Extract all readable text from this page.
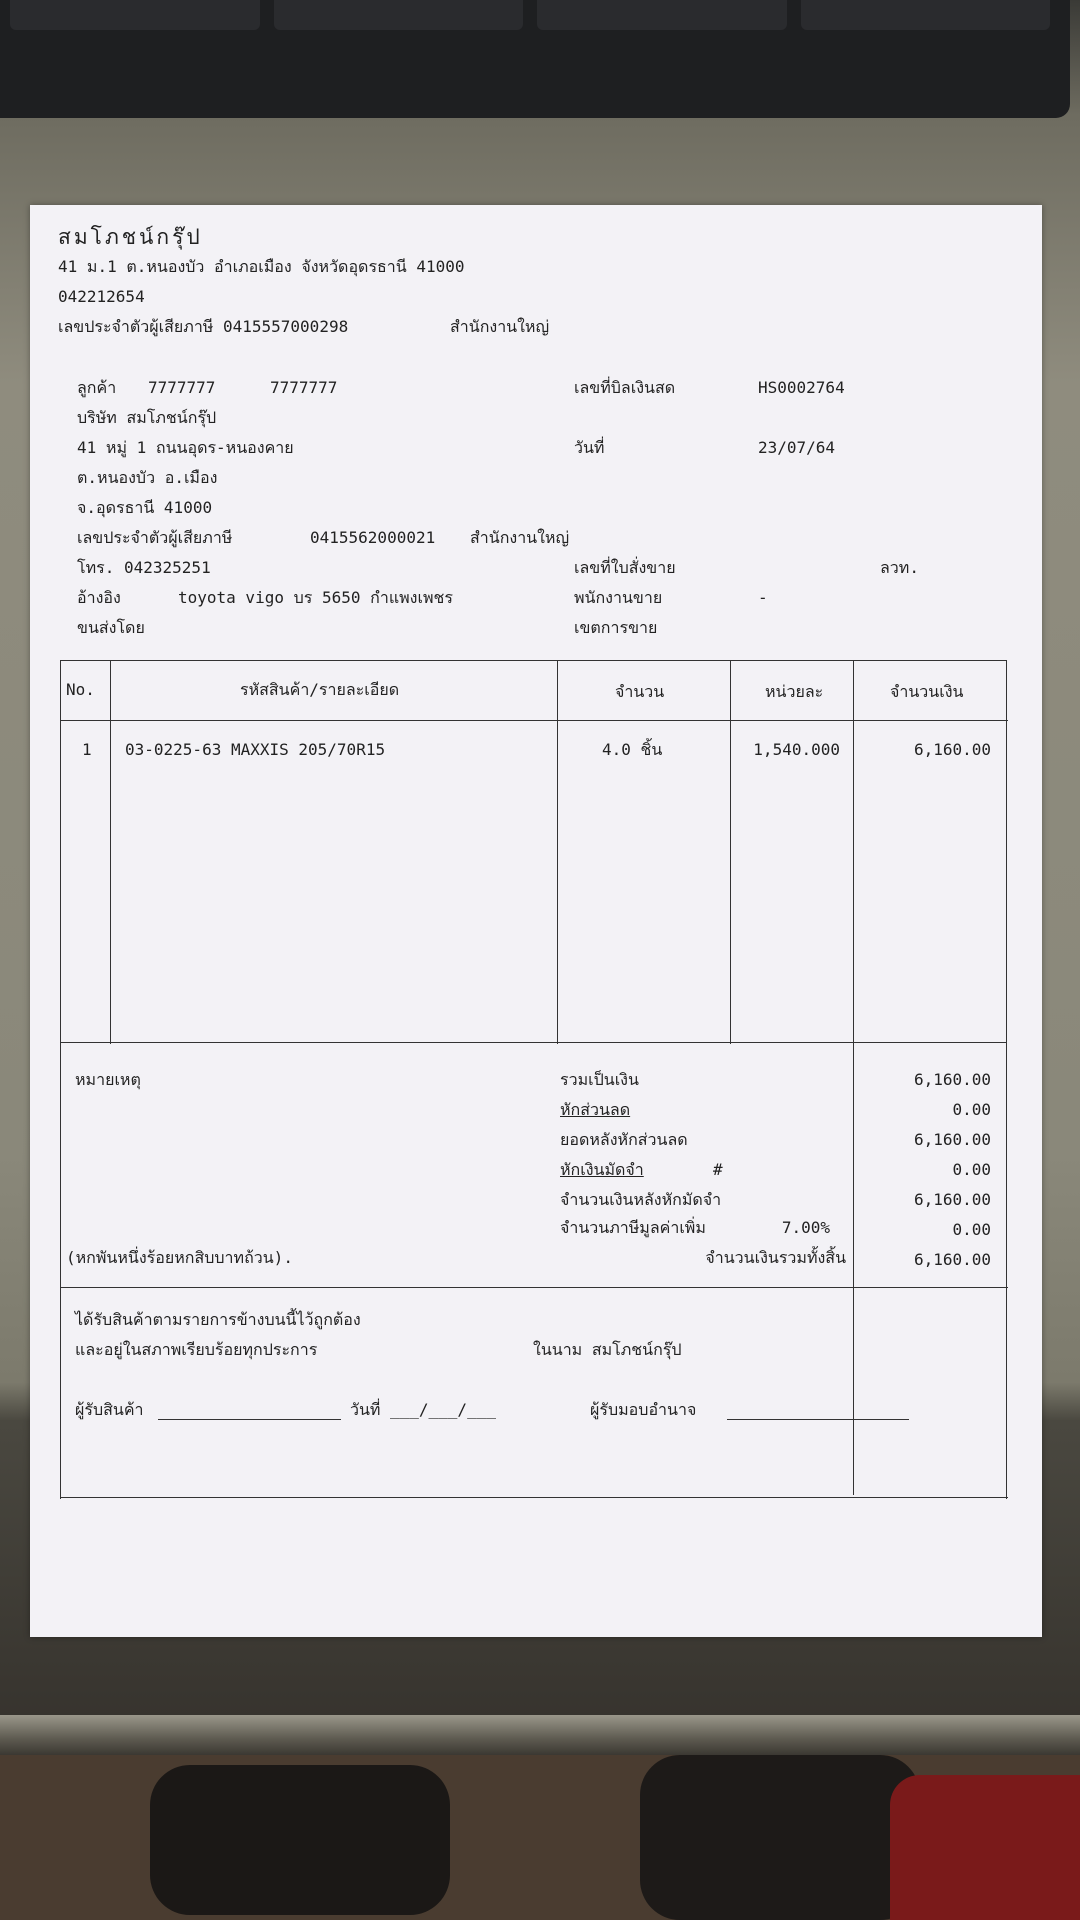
สมโภชน์กรุ๊ป
41 ม.1 ต.หนองบัว อำเภอเมือง จังหวัดอุดรธานี 41000
042212654
เลขประจำตัวผู้เสียภาษี 0415557000298	สำนักงานใหญ่
ลูกค้า 7777777	7777777
บริษัท สมโภชน์กรุ๊ป
41 หมู่ 1 ถนนอุดร-หนองคาย
ต.หนองบัว อ.เมือง
จ.อุดรธานี 41000
เลขประจำตัวผู้เสียภาษี	0415562000021 สำนักงานใหญ่
โทร. 042325251
อ้างอิง	toyota vigo บร 5650 กำแพงเพชร
ขนส่งโดย
เลขที่บิลเงินสด	HS0002764
วันที่	23/07/64
เลขที่ใบสั่งขาย	ลวท.
พนักงานขาย	-
เขตการขาย
No.	รหัสสินค้า/รายละเอียด	จำนวน	หน่วยละ	จำนวนเงิน
1 03-0225-63 MAXXIS 205/70R15	4.0 ชิ้น	1,540.000	6,160.00
หมายเหตุ	รวมเป็นเงิน	6,160.00
หักส่วนลด	0.00
ยอดหลังหักส่วนลด	6,160.00
หักเงินมัดจำ	#	0.00
จำนวนเงินหลังหักมัดจำ	6,160.00
จำนวนภาษีมูลค่าเพิ่ม	7.00%	0.00
(หกพันหนึ่งร้อยหกสิบบาทถ้วน).	จำนวนเงินรวมทั้งสิ้น	6,160.00
ได้รับสินค้าตามรายการข้างบนนี้ไว้ถูกต้อง
และอยู่ในสภาพเรียบร้อยทุกประการ	ในนาม สมโภชน์กรุ๊ป
ผู้รับสินค้า	วันที่ ___/___/___	ผู้รับมอบอำนาจ
